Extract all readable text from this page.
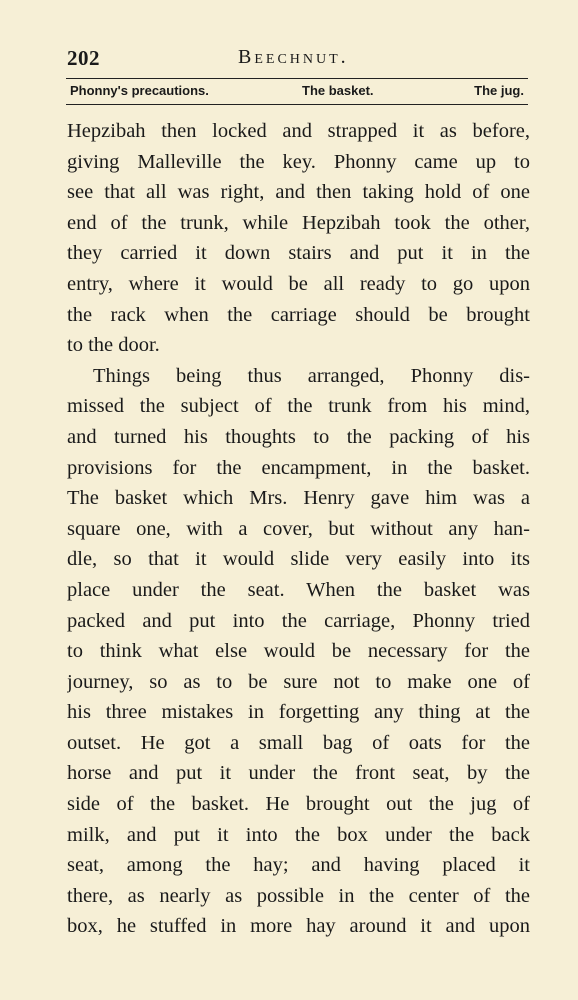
202	Beechnut.
Phonny's precautions.	The basket.	The jug.
Hepzibah then locked and strapped it as before,
giving Malleville the key. Phonny came up to
see that all was right, and then taking hold of one
end of the trunk, while Hepzibah took the other,
they carried it down stairs and put it in the
entry, where it would be all ready to go upon
the rack when the carriage should be brought
to the door.
Things being thus arranged, Phonny dis-
missed the subject of the trunk from his mind,
and turned his thoughts to the packing of his
provisions for the encampment, in the basket.
The basket which Mrs. Henry gave him was a
square one, with a cover, but without any han-
dle, so that it would slide very easily into its
place under the seat. When the basket was
packed and put into the carriage, Phonny tried
to think what else would be necessary for the
journey, so as to be sure not to make one of
his three mistakes in forgetting any thing at the
outset. He got a small bag of oats for the
horse and put it under the front seat, by the
side of the basket. He brought out the jug of
milk, and put it into the box under the back
seat, among the hay; and having placed it
there, as nearly as possible in the center of the
box, he stuffed in more hay around it and upon
